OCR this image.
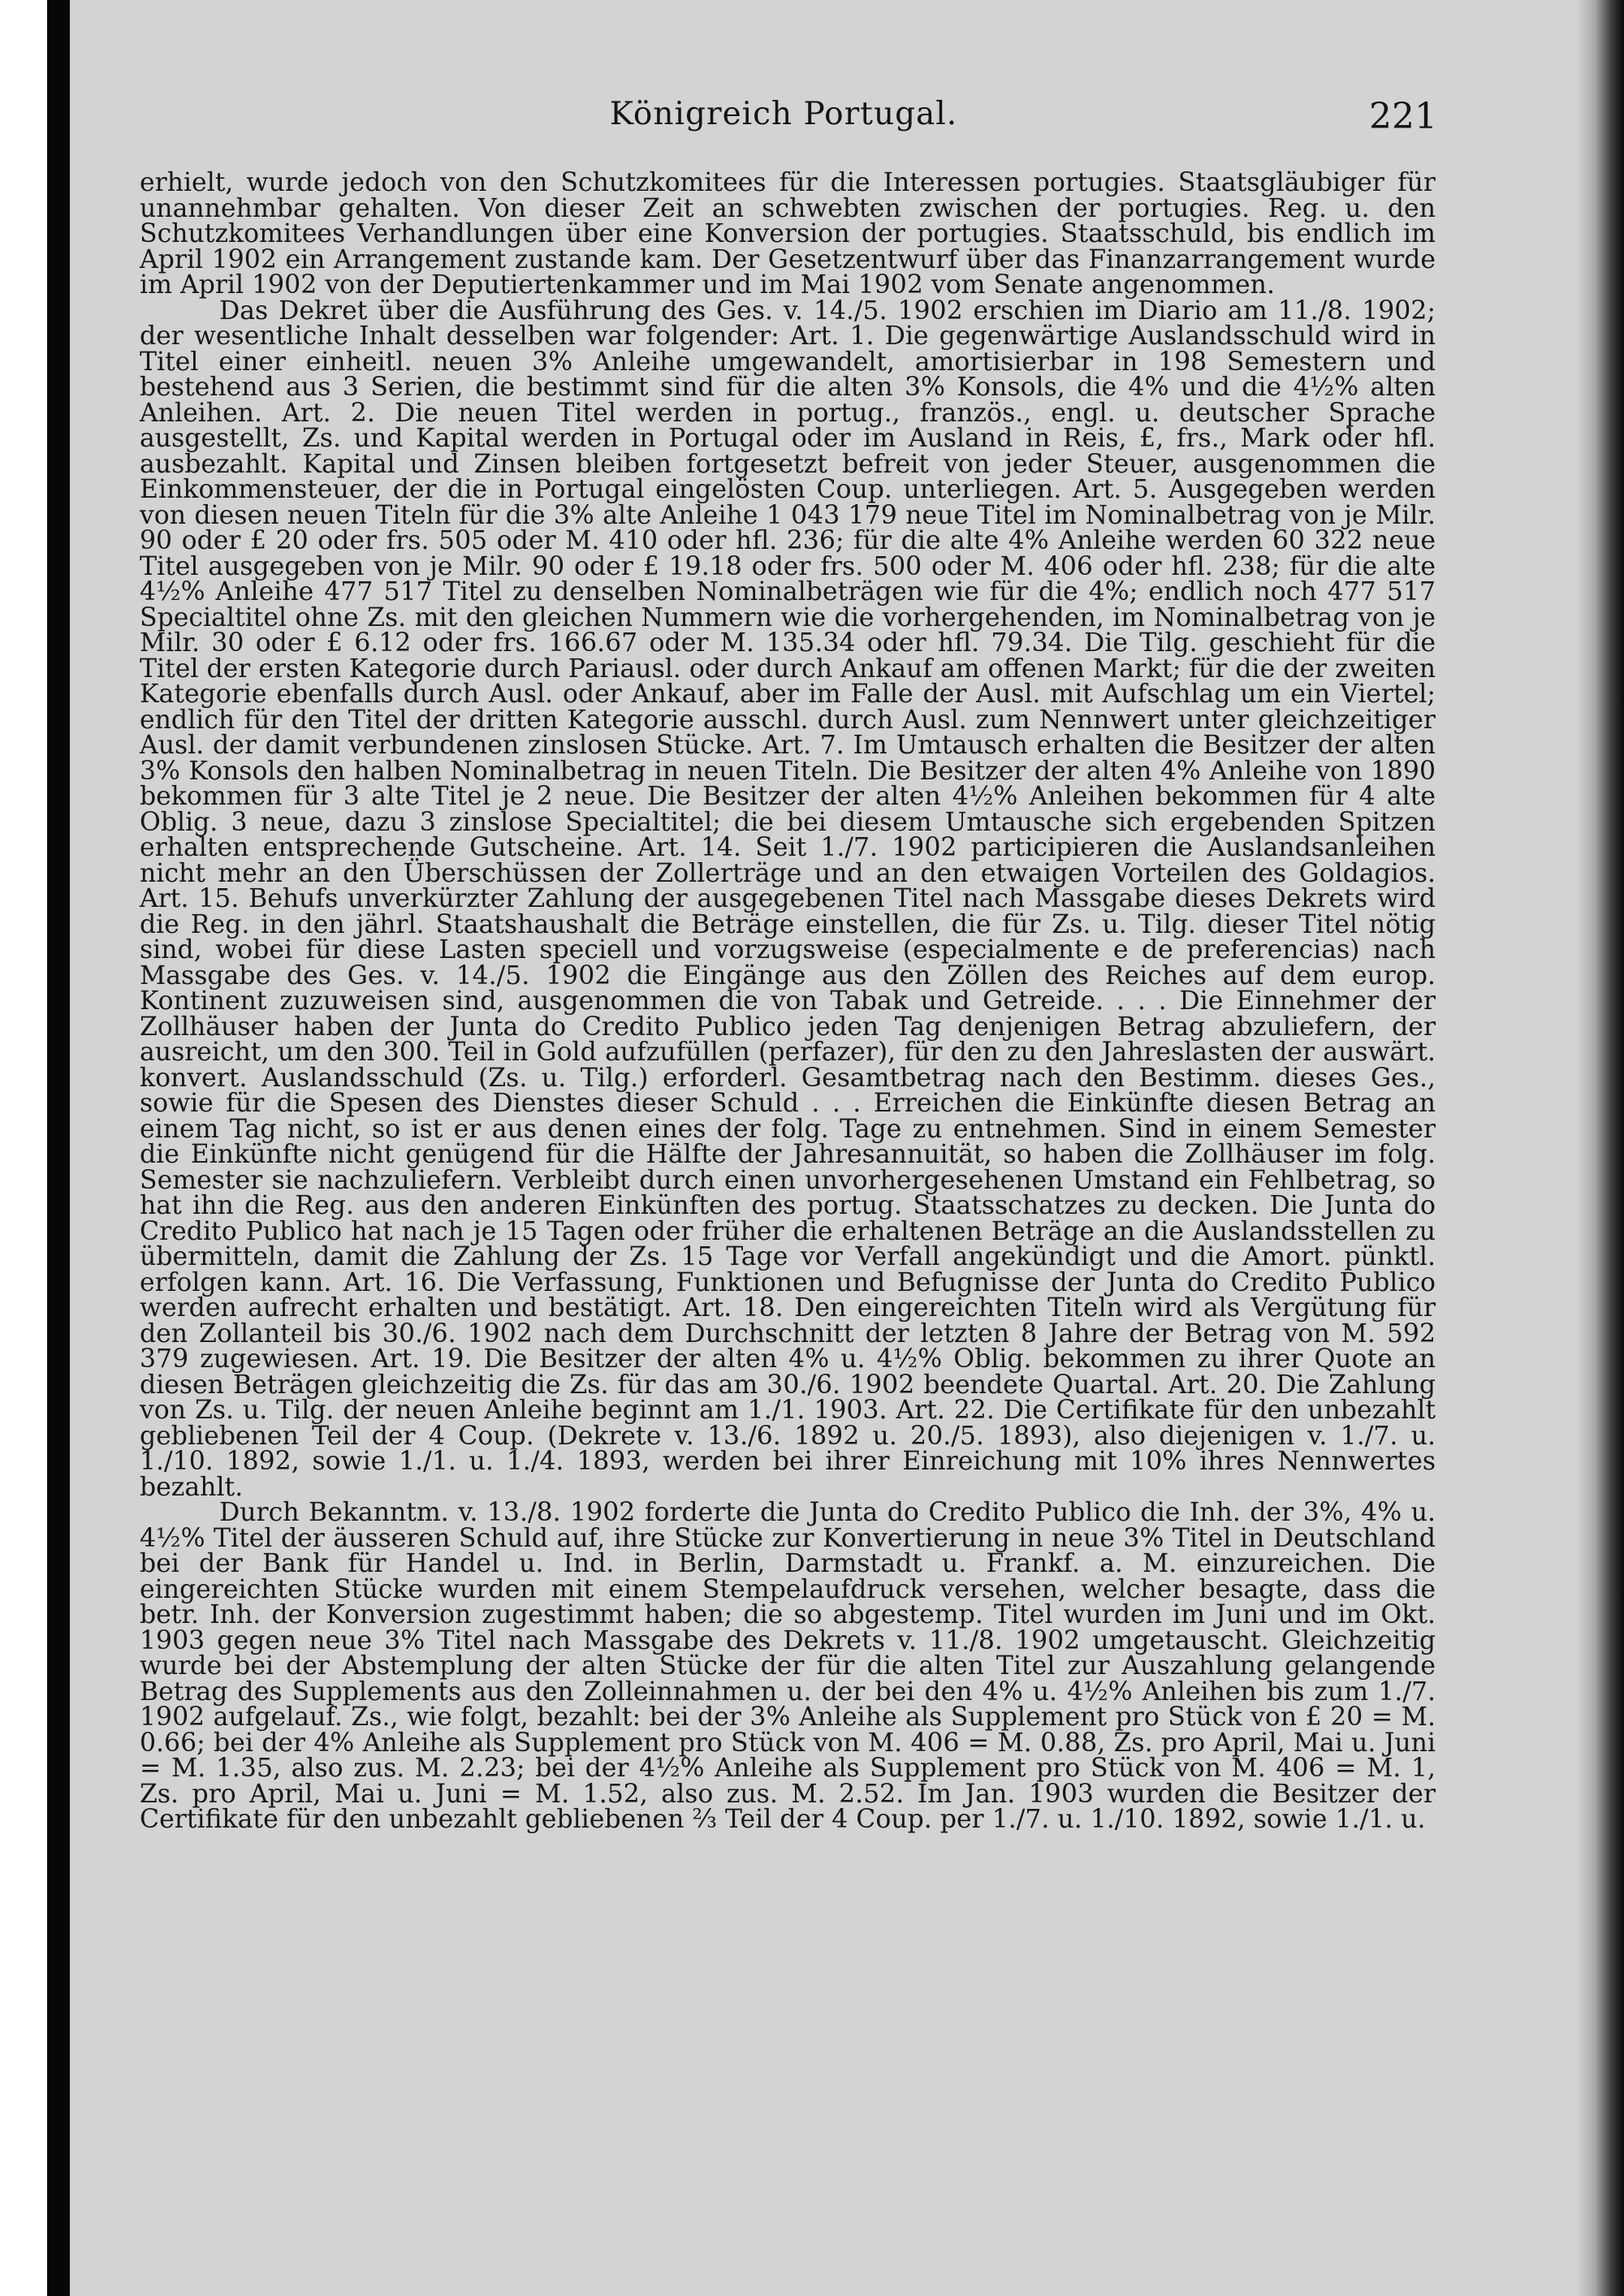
Königreich Portugal.	221

erhielt, wurde jedoch von den Schutzkomitees für die Interessen portugies. Staatsgläubiger für unannehmbar gehalten. Von dieser Zeit an schwebten zwischen der portugies. Reg. u. den Schutzkomitees Verhandlungen über eine Konversion der portugies. Staatsschuld, bis endlich im April 1902 ein Arrangement zustande kam. Der Gesetzentwurf über das Finanzarrangement wurde im April 1902 von der Deputiertenkammer und im Mai 1902 vom Senate angenommen.

Das Dekret über die Ausführung des Ges. v. 14./5. 1902 erschien im Diario am 11./8. 1902; der wesentliche Inhalt desselben war folgender: Art. 1. Die gegenwärtige Auslandsschuld wird in Titel einer einheitl. neuen 3% Anleihe umgewandelt, amortisierbar in 198 Semestern und bestehend aus 3 Serien, die bestimmt sind für die alten 3% Konsols, die 4% und die 4½% alten Anleihen. Art. 2. Die neuen Titel werden in portug., französ., engl. u. deutscher Sprache ausgestellt, Zs. und Kapital werden in Portugal oder im Ausland in Reis, £, frs., Mark oder hfl. ausbezahlt. Kapital und Zinsen bleiben fortgesetzt befreit von jeder Steuer, ausgenommen die Einkommensteuer, der die in Portugal eingelösten Coup. unterliegen. Art. 5. Ausgegeben werden von diesen neuen Titeln für die 3% alte Anleihe 1 043 179 neue Titel im Nominalbetrag von je Milr. 90 oder £ 20 oder frs. 505 oder M. 410 oder hfl. 236; für die alte 4% Anleihe werden 60 322 neue Titel ausgegeben von je Milr. 90 oder £ 19.18 oder frs. 500 oder M. 406 oder hfl. 238; für die alte 4½% Anleihe 477 517 Titel zu denselben Nominalbeträgen wie für die 4%; endlich noch 477 517 Specialtitel ohne Zs. mit den gleichen Nummern wie die vorhergehenden, im Nominalbetrag von je Milr. 30 oder £ 6.12 oder frs. 166.67 oder M. 135.34 oder hfl. 79.34. Die Tilg. geschieht für die Titel der ersten Kategorie durch Pariausl. oder durch Ankauf am offenen Markt; für die der zweiten Kategorie ebenfalls durch Ausl. oder Ankauf, aber im Falle der Ausl. mit Aufschlag um ein Viertel; endlich für den Titel der dritten Kategorie ausschl. durch Ausl. zum Nennwert unter gleichzeitiger Ausl. der damit verbundenen zinslosen Stücke. Art. 7. Im Umtausch erhalten die Besitzer der alten 3% Konsols den halben Nominalbetrag in neuen Titeln. Die Besitzer der alten 4% Anleihe von 1890 bekommen für 3 alte Titel je 2 neue. Die Besitzer der alten 4½% Anleihen bekommen für 4 alte Oblig. 3 neue, dazu 3 zinslose Specialtitel; die bei diesem Umtausche sich ergebenden Spitzen erhalten entsprechende Gutscheine. Art. 14. Seit 1./7. 1902 participieren die Auslandsanleihen nicht mehr an den Überschüssen der Zollerträge und an den etwaigen Vorteilen des Goldagios. Art. 15. Behufs unverkürzter Zahlung der ausgegebenen Titel nach Massgabe dieses Dekrets wird die Reg. in den jährl. Staatshaushalt die Beträge einstellen, die für Zs. u. Tilg. dieser Titel nötig sind, wobei für diese Lasten speciell und vorzugsweise (especialmente e de preferencias) nach Massgabe des Ges. v. 14./5. 1902 die Eingänge aus den Zöllen des Reiches auf dem europ. Kontinent zuzuweisen sind, ausgenommen die von Tabak und Getreide. . . . Die Einnehmer der Zollhäuser haben der Junta do Credito Publico jeden Tag denjenigen Betrag abzuliefern, der ausreicht, um den 300. Teil in Gold aufzufüllen (perfazer), für den zu den Jahreslasten der auswärt. konvert. Auslandsschuld (Zs. u. Tilg.) erforderl. Gesamtbetrag nach den Bestimm. dieses Ges., sowie für die Spesen des Dienstes dieser Schuld . . . Erreichen die Einkünfte diesen Betrag an einem Tag nicht, so ist er aus denen eines der folg. Tage zu entnehmen. Sind in einem Semester die Einkünfte nicht genügend für die Hälfte der Jahresannuität, so haben die Zollhäuser im folg. Semester sie nachzuliefern. Verbleibt durch einen unvorhergesehenen Umstand ein Fehlbetrag, so hat ihn die Reg. aus den anderen Einkünften des portug. Staatsschatzes zu decken. Die Junta do Credito Publico hat nach je 15 Tagen oder früher die erhaltenen Beträge an die Auslandsstellen zu übermitteln, damit die Zahlung der Zs. 15 Tage vor Verfall angekündigt und die Amort. pünktl. erfolgen kann. Art. 16. Die Verfassung, Funktionen und Befugnisse der Junta do Credito Publico werden aufrecht erhalten und bestätigt. Art. 18. Den eingereichten Titeln wird als Vergütung für den Zollanteil bis 30./6. 1902 nach dem Durchschnitt der letzten 8 Jahre der Betrag von M. 592 379 zugewiesen. Art. 19. Die Besitzer der alten 4% u. 4½% Oblig. bekommen zu ihrer Quote an diesen Beträgen gleichzeitig die Zs. für das am 30./6. 1902 beendete Quartal. Art. 20. Die Zahlung von Zs. u. Tilg. der neuen Anleihe beginnt am 1./1. 1903. Art. 22. Die Certifikate für den unbezahlt gebliebenen Teil der 4 Coup. (Dekrete v. 13./6. 1892 u. 20./5. 1893), also diejenigen v. 1./7. u. 1./10. 1892, sowie 1./1. u. 1./4. 1893, werden bei ihrer Einreichung mit 10% ihres Nennwertes bezahlt.

Durch Bekanntm. v. 13./8. 1902 forderte die Junta do Credito Publico die Inh. der 3%, 4% u. 4½% Titel der äusseren Schuld auf, ihre Stücke zur Konvertierung in neue 3% Titel in Deutschland bei der Bank für Handel u. Ind. in Berlin, Darmstadt u. Frankf. a. M. einzureichen. Die eingereichten Stücke wurden mit einem Stempelaufdruck versehen, welcher besagte, dass die betr. Inh. der Konversion zugestimmt haben; die so abgestemp. Titel wurden im Juni und im Okt. 1903 gegen neue 3% Titel nach Massgabe des Dekrets v. 11./8. 1902 umgetauscht. Gleichzeitig wurde bei der Abstemplung der alten Stücke der für die alten Titel zur Auszahlung gelangende Betrag des Supplements aus den Zolleinnahmen u. der bei den 4% u. 4½% Anleihen bis zum 1./7. 1902 aufgelauf. Zs., wie folgt, bezahlt: bei der 3% Anleihe als Supplement pro Stück von £ 20 = M. 0.66; bei der 4% Anleihe als Supplement pro Stück von M. 406 = M. 0.88, Zs. pro April, Mai u. Juni = M. 1.35, also zus. M. 2.23; bei der 4½% Anleihe als Supplement pro Stück von M. 406 = M. 1, Zs. pro April, Mai u. Juni = M. 1.52, also zus. M. 2.52. Im Jan. 1903 wurden die Besitzer der Certifikate für den unbezahlt gebliebenen ⅔ Teil der 4 Coup. per 1./7. u. 1./10. 1892, sowie 1./1. u.
